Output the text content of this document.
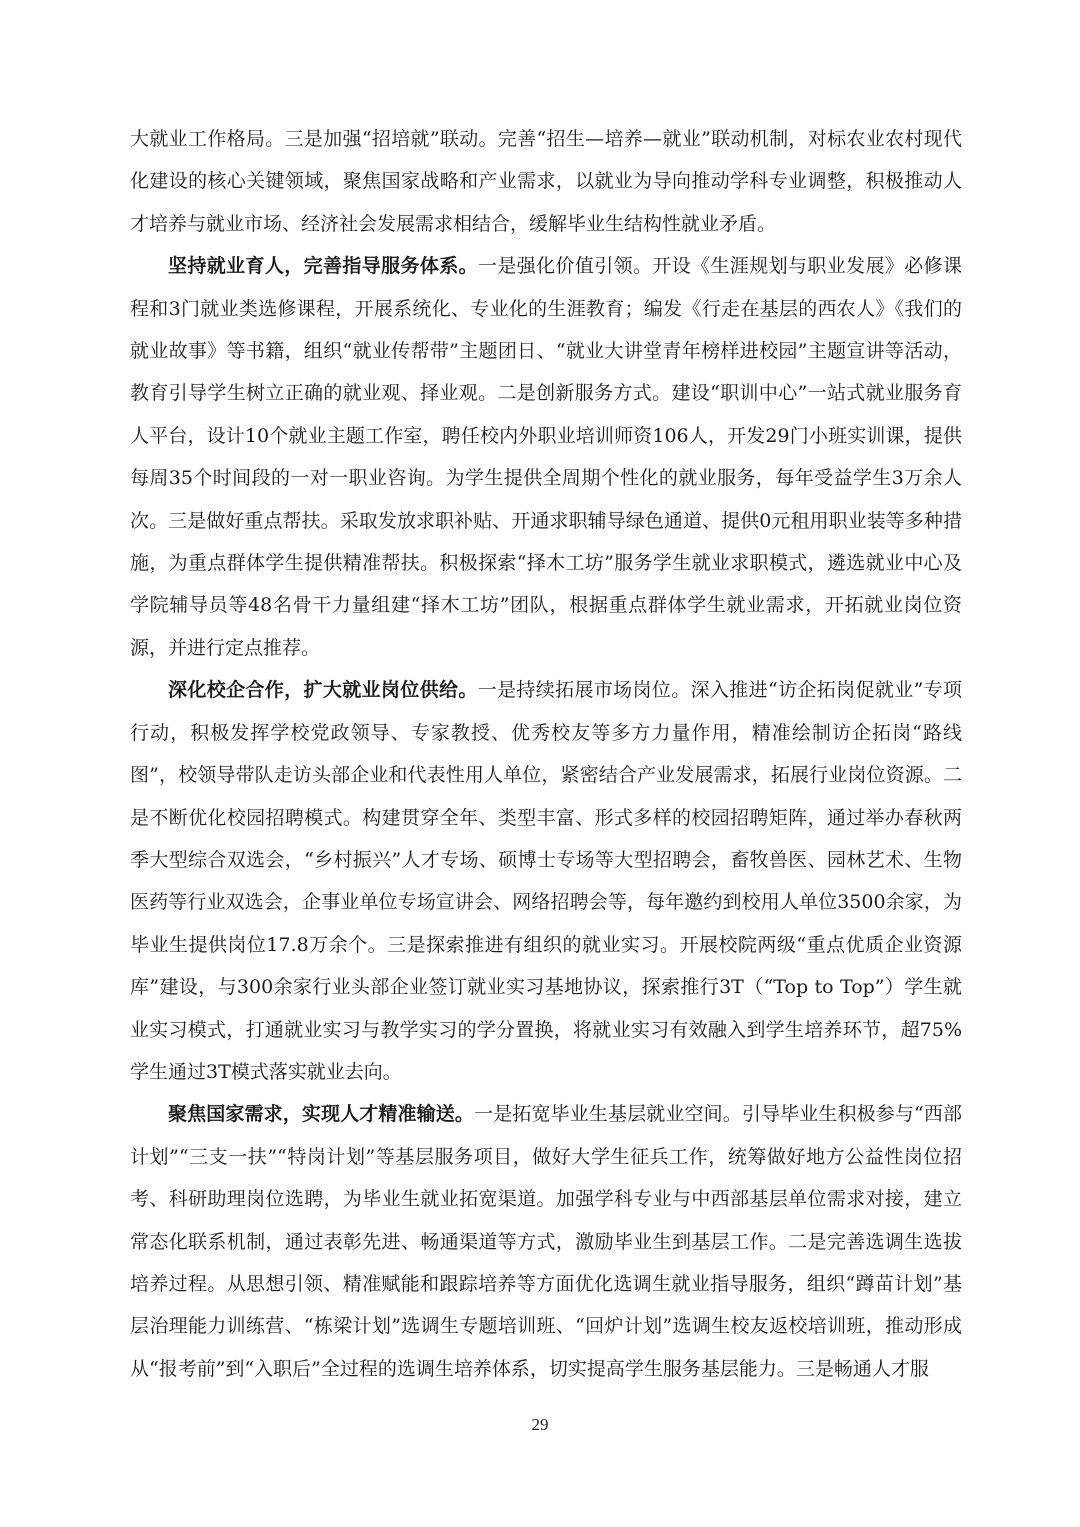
大就业工作格局。三是加强“招培就”联动。完善“招生—培养—就业”联动机制，对标农业农村现代化建设的核心关键领域，聚焦国家战略和产业需求，以就业为导向推动学科专业调整，积极推动人才培养与就业市场、经济社会发展需求相结合，缓解毕业生结构性就业矛盾。

坚持就业育人，完善指导服务体系。一是强化价值引领。开设《生涯规划与职业发展》必修课程和3门就业类选修课程，开展系统化、专业化的生涯教育；编发《行走在基层的西农人》《我们的就业故事》等书籍，组织“就业传帮带”主题团日、“就业大讲堂青年榜样进校园”主题宣讲等活动，教育引导学生树立正确的就业观、择业观。二是创新服务方式。建设“职训中心”一站式就业服务育人平台，设计10个就业主题工作室，聘任校内外职业培训师资106人，开发29门小班实训课，提供每周35个时间段的一对一职业咨询。为学生提供全周期个性化的就业服务，每年受益学生3万余人次。三是做好重点帮扶。采取发放求职补贴、开通求职辅导绿色通道、提供0元租用职业装等多种措施，为重点群体学生提供精准帮扶。积极探索“择木工坊”服务学生就业求职模式，遴选就业中心及学院辅导员等48名骨干力量组建“择木工坊”团队，根据重点群体学生就业需求，开拓就业岗位资源，并进行定点推荐。

深化校企合作，扩大就业岗位供给。一是持续拓展市场岗位。深入推进“访企拓岗促就业”专项行动，积极发挥学校党政领导、专家教授、优秀校友等多方力量作用，精准绘制访企拓岗“路线图”，校领导带队走访头部企业和代表性用人单位，紧密结合产业发展需求，拓展行业岗位资源。二是不断优化校园招聘模式。构建贯穿全年、类型丰富、形式多样的校园招聘矩阵，通过举办春秋两季大型综合双选会，“乡村振兴”人才专场、硕博士专场等大型招聘会，畜牧兽医、园林艺术、生物医药等行业双选会，企事业单位专场宣讲会、网络招聘会等，每年邀约到校用人单位3500余家，为毕业生提供岗位17.8万余个。三是探索推进有组织的就业实习。开展校院两级“重点优质企业资源库”建设，与300余家行业头部企业签订就业实习基地协议，探索推行3T（“Top to Top”）学生就业实习模式，打通就业实习与教学实习的学分置换，将就业实习有效融入到学生培养环节，超75%学生通过3T模式落实就业去向。

聚焦国家需求，实现人才精准输送。一是拓宽毕业生基层就业空间。引导毕业生积极参与“西部计划”“三支一扶”“特岗计划”等基层服务项目，做好大学生征兵工作，统筹做好地方公益性岗位招考、科研助理岗位选聘，为毕业生就业拓宽渠道。加强学科专业与中西部基层单位需求对接，建立常态化联系机制，通过表彰先进、畅通渠道等方式，激励毕业生到基层工作。二是完善选调生选拔培养过程。从思想引领、精准赋能和跟踪培养等方面优化选调生就业指导服务，组织“蹲苗计划”基层治理能力训练营、“栋梁计划”选调生专题培训班、“回炉计划”选调生校友返校培训班，推动形成从“报考前”到“入职后”全过程的选调生培养体系，切实提高学生服务基层能力。三是畅通人才服

29
